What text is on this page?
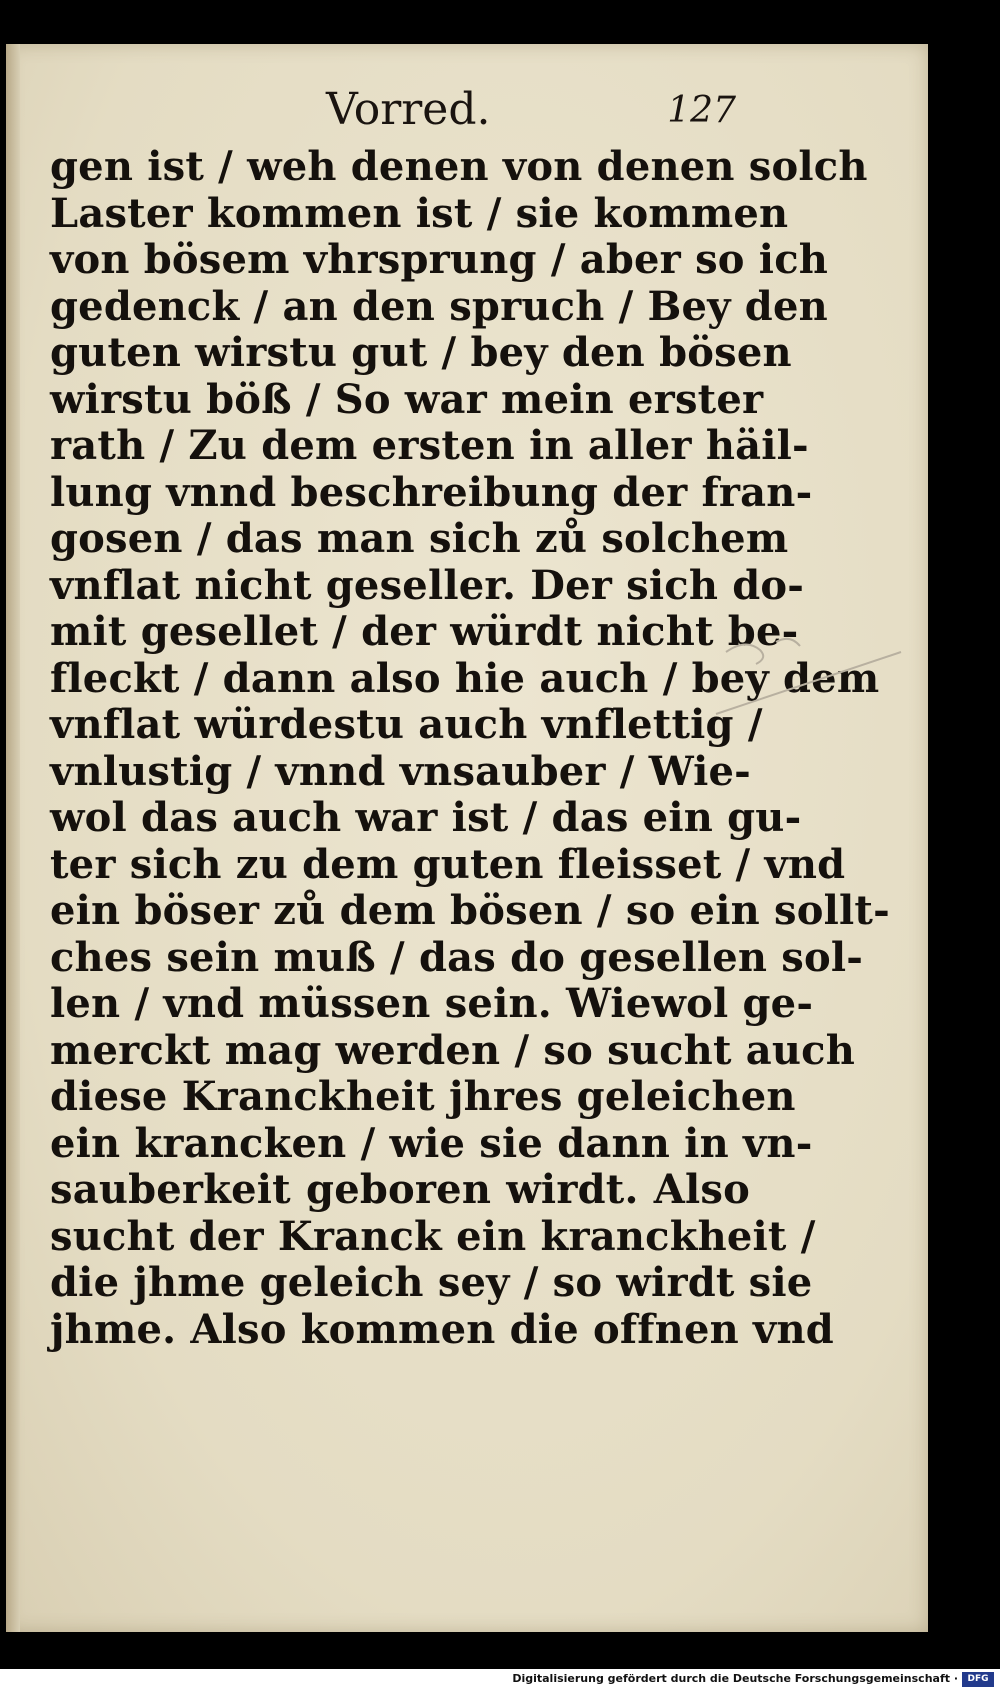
Vorred.	127
gen ist / weh denen von denen solch
Laster kommen ist / sie kommen
von bösem vhrsprung / aber so ich
gedenck / an den spruch / Bey den
guten wirstu gut / bey den bösen
wirstu böß / So war mein erster
rath / Zu dem ersten in aller häil-
lung vnnd beschreibung der fran-
gosen / das man sich zů solchem
vnflat nicht geseller. Der sich do-
mit gesellet / der würdt nicht be-
fleckt / dann also hie auch / bey dem
vnflat würdestu auch vnflettig /
vnlustig / vnnd vnsauber / Wie-
wol das auch war ist / das ein gu-
ter sich zu dem guten fleisset / vnd
ein böser zů dem bösen / so ein sollt-
ches sein muß / das do gesellen sol-
len / vnd müssen sein. Wiewol ge-
merckt mag werden / so sucht auch
diese Kranckheit jhres geleichen
ein krancken / wie sie dann in vn-
sauberkeit geboren wirdt. Also
sucht der Kranck ein kranckheit /
die jhme geleich sey / so wirdt sie
jhme. Also kommen die offnen vnd
Digitalisierung gefördert durch die Deutsche Forschungsgemeinschaft ·	DFG
